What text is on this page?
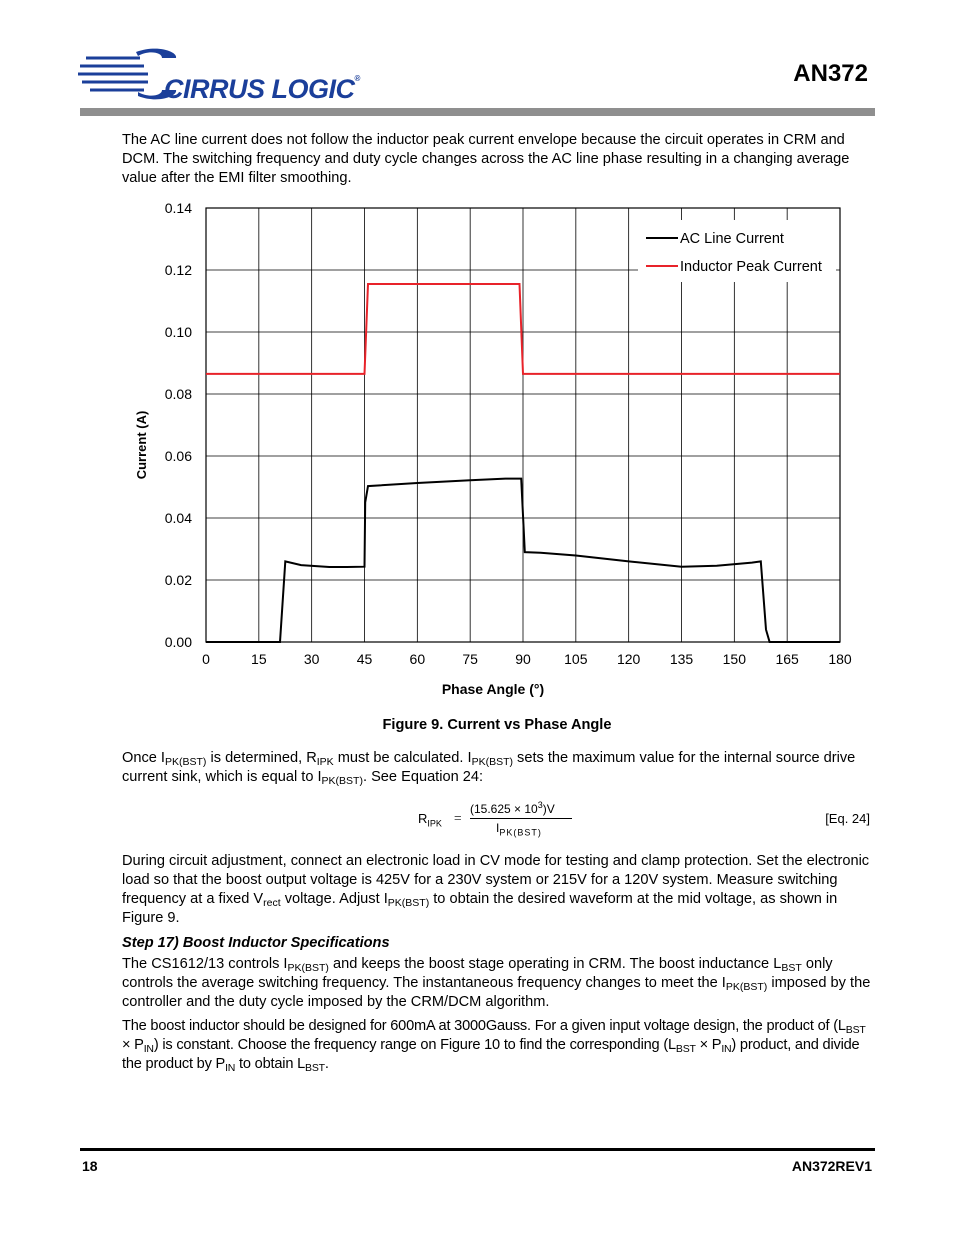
CIRRUS LOGIC®	AN372
The AC line current does not follow the inductor peak current envelope because the circuit operates in CRM and DCM. The switching frequency and duty cycle changes across the AC line phase resulting in a changing average value after the EMI filter smoothing.
0	15	30	45	60	75	90 105 120 135 150 165 180
0.00
0.02
0.04
0.06
0.08
0.10
0.12
0.14
Phase Angle (°)
Current (A)
AC Line Current
Inductor Peak Current
Figure 9. Current vs Phase Angle
Once $I_{PK(BST)}$ is determined, $R_{IPK}$ must be calculated. $I_{PK(BST)}$ sets the maximum value for the internal source drive current sink, which is equal to $I_{PK(BST)}$. See Equation 24:
$R_{IPK}$ =
$(15.625 \times 10^3)V$
$I_{PK(BST)}$
[Eq. 24]
During circuit adjustment, connect an electronic load in CV mode for testing and clamp protection. Set the electronic load so that the boost output voltage is 425V for a 230V system or 215V for a 120V system. Measure switching frequency at a fixed $V_{rect}$ voltage. Adjust $I_{PK(BST)}$ to obtain the desired waveform at the mid voltage, as shown in Figure 9.
Step 17) Boost Inductor Specifications
The CS1612/13 controls $I_{PK(BST)}$ and keeps the boost stage operating in CRM. The boost inductance $L_{BST}$ only controls the average switching frequency. The instantaneous frequency changes to meet the $I_{PK(BST)}$ imposed by the controller and the duty cycle imposed by the CRM/DCM algorithm.
The boost inductor should be designed for 600mA at 3000Gauss. For a given input voltage design, the product of $(L_{BST} \times P_{IN})$ is constant. Choose the frequency range on Figure 10 to find the corresponding $(L_{BST} \times P_{IN})$ product, and divide the product by $P_{IN}$ to obtain $L_{BST}$.
18	AN372REV1
